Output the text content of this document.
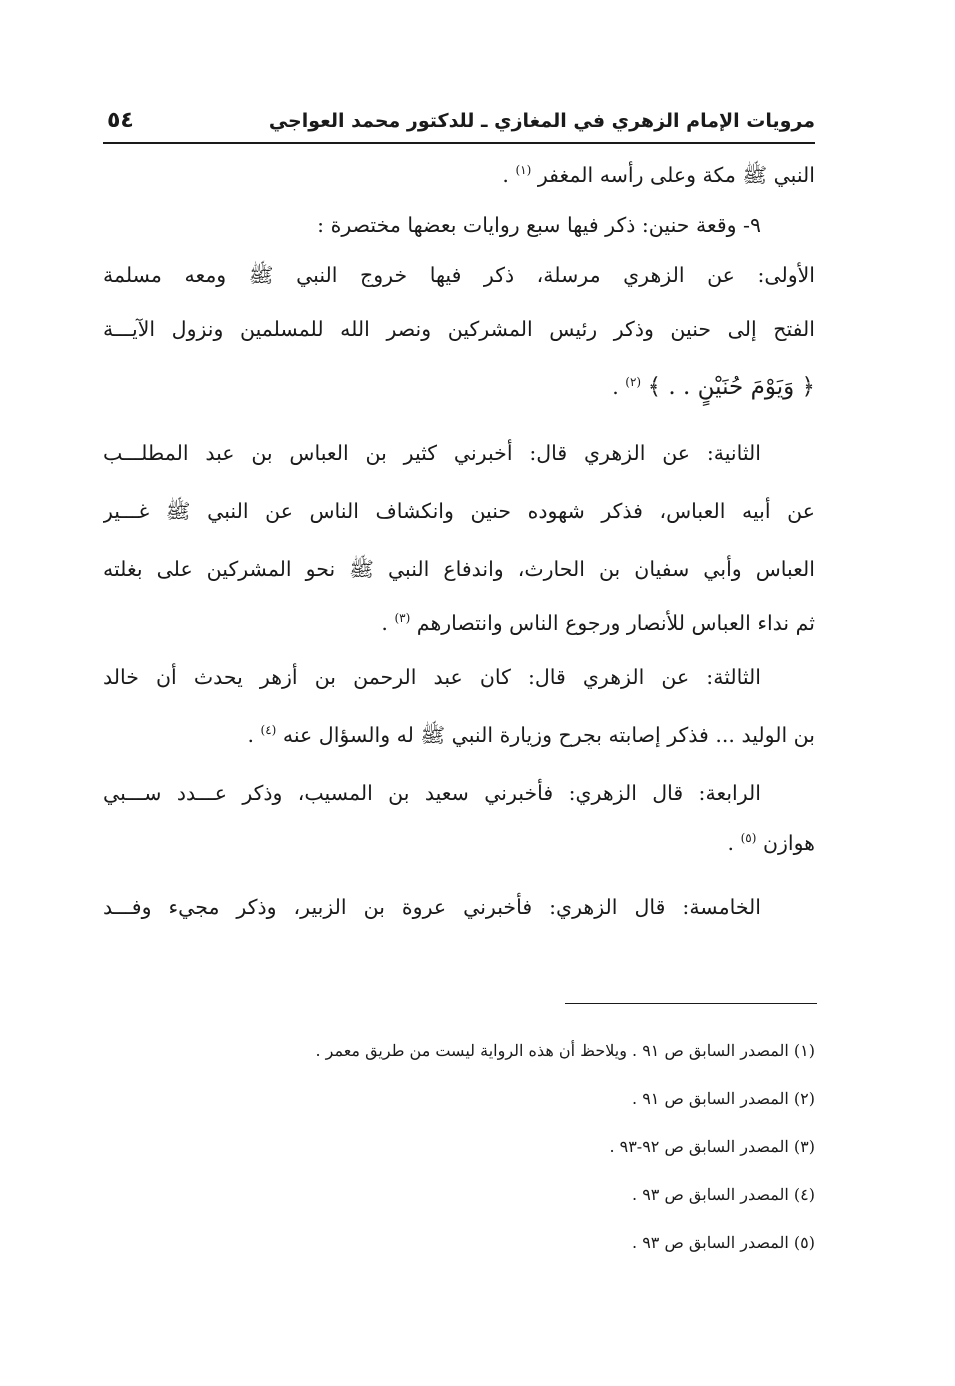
مرويات الإمام الزهري في المغازي ـ للدكتور محمد العواجي
٥٤
النبي ﷺ مكة وعلى رأسه المغفر $^{(١)}$ .
٩- وقعة حنين: ذكر فيها سبع روايات بعضها مختصرة :
الأولى: عن الزهري مرسلة، ذكر فيها خروج النبي ﷺ ومعه مسلمة
الفتح إلى حنين وذكر رئيس المشركين ونصر الله للمسلمين ونزول الآيـــة
﴿ وَيَوْمَ حُنَيْنٍ . . ﴾ $^{(٢)}$ .
الثانية: عن الزهري قال: أخبرني كثير بن العباس بن عبد المطلـــب
عن أبيه العباس، فذكر شهوده حنين وانكشاف الناس عن النبي ﷺ غـــير
العباس وأبي سفيان بن الحارث، واندفاع النبي ﷺ نحو المشركين على بغلته
ثم نداء العباس للأنصار ورجوع الناس وانتصارهم $^{(٣)}$ .
الثالثة: عن الزهري قال: كان عبد الرحمن بن أزهر يحدث أن خالد
بن الوليد ... فذكر إصابته بجرح وزيارة النبي ﷺ له والسؤال عنه $^{(٤)}$ .
الرابعة: قال الزهري: فأخبرني سعيد بن المسيب، وذكر عـــدد ســـبي
هوازن $^{(٥)}$ .
الخامسة: قال الزهري: فأخبرني عروة بن الزبير، وذكر مجيء وفـــد
(١) المصدر السابق ص ٩١ . ويلاحظ أن هذه الرواية ليست من طريق معمر .
(٢) المصدر السابق ص ٩١ .
(٣) المصدر السابق ص ٩٢-٩٣ .
(٤) المصدر السابق ص ٩٣ .
(٥) المصدر السابق ص ٩٣ .
